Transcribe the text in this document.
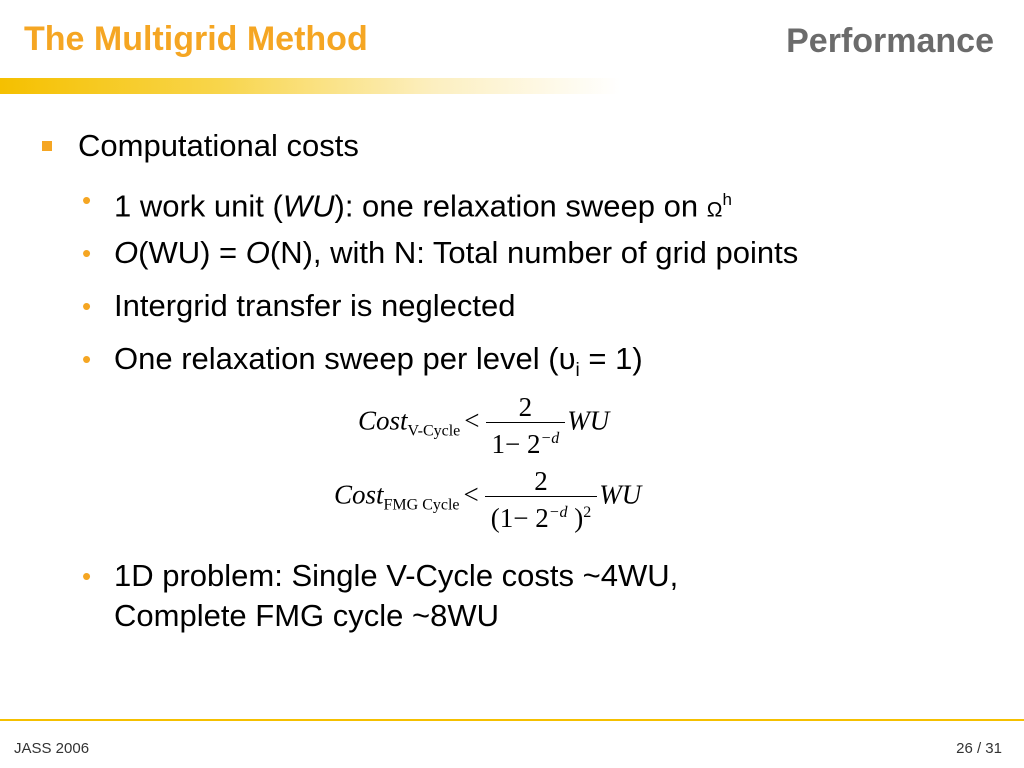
The Multigrid Method	Performance
Computational costs
• 1 work unit (WU): one relaxation sweep on $\Omega^h$
• O(WU) = O(N), with N: Total number of grid points
• Intergrid transfer is neglected
• One relaxation sweep per level $(\upsilon_i = 1)$
CostV-Cycle < $\frac{2}{1- 2^{-d}}$ WU
CostFMG Cycle < $\frac{2}{(1- 2^{-d} )^2}$ WU
• 1D problem: Single V-Cycle costs ~4WU,
Complete FMG cycle ~8WU
JASS 2006	26 / 31
